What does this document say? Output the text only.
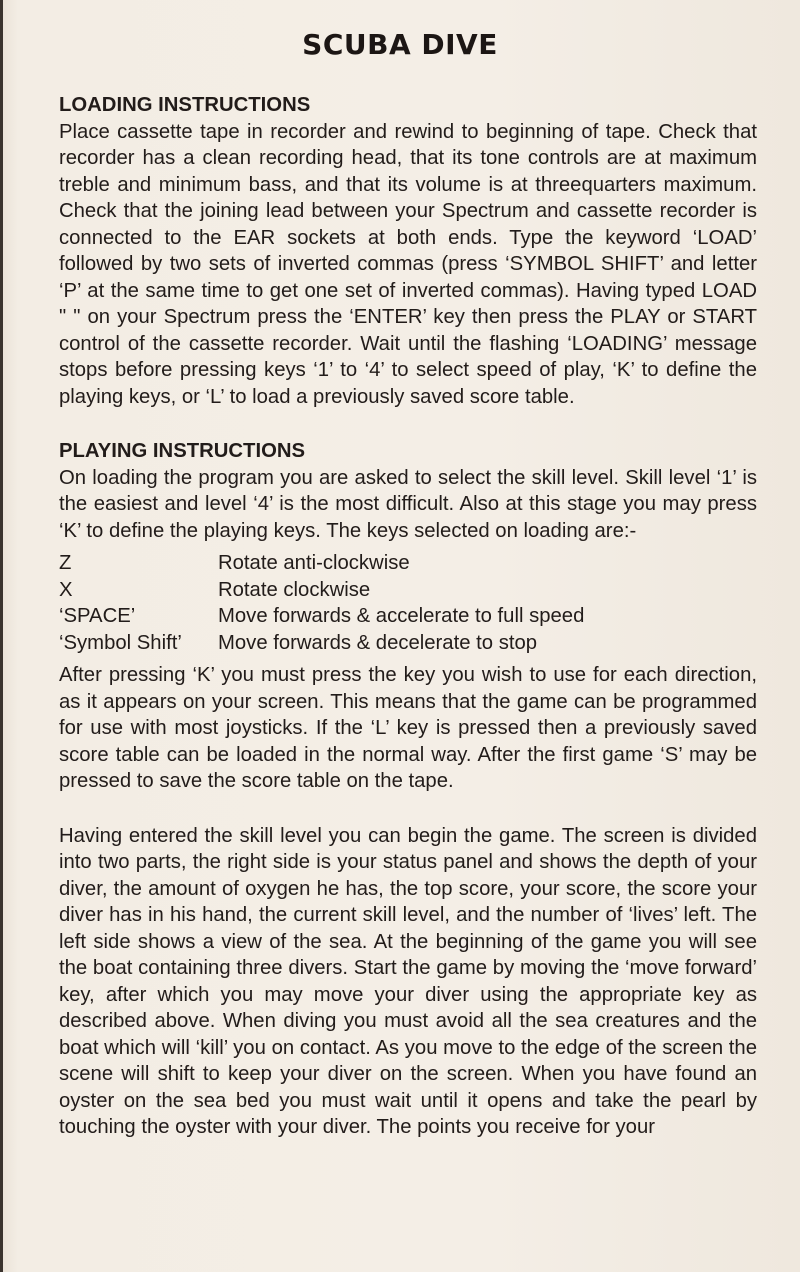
SCUBA DIVE
LOADING INSTRUCTIONS

Place cassette tape in recorder and rewind to beginning of tape. Check that recorder has a clean recording head, that its tone controls are at maximum treble and minimum bass, and that its volume is at threequarters maximum. Check that the joining lead between your Spectrum and cassette recorder is connected to the EAR sockets at both ends. Type the keyword ‘LOAD’ followed by two sets of inverted commas (press ‘SYMBOL SHIFT’ and letter ‘P’ at the same time to get one set of inverted commas). Having typed LOAD " " on your Spectrum press the ‘ENTER’ key then press the PLAY or START control of the cassette recorder. Wait until the flashing ‘LOADING’ message stops before pressing keys ‘1’ to ‘4’ to select speed of play, ‘K’ to define the playing keys, or ‘L’ to load a previously saved score table.

PLAYING INSTRUCTIONS

On loading the program you are asked to select the skill level. Skill level ‘1’ is the easiest and level ‘4’ is the most difficult. Also at this stage you may press ‘K’ to define the playing keys. The keys selected on loading are:-

Z	Rotate anti-clockwise
X	Rotate clockwise
‘SPACE’	Move forwards & accelerate to full speed
‘Symbol Shift’	Move forwards & decelerate to stop

After pressing ‘K’ you must press the key you wish to use for each direction, as it appears on your screen. This means that the game can be programmed for use with most joysticks. If the ‘L’ key is pressed then a previously saved score table can be loaded in the normal way. After the first game ‘S’ may be pressed to save the score table on the tape.

Having entered the skill level you can begin the game. The screen is divided into two parts, the right side is your status panel and shows the depth of your diver, the amount of oxygen he has, the top score, your score, the score your diver has in his hand, the current skill level, and the number of ‘lives’ left. The left side shows a view of the sea. At the beginning of the game you will see the boat containing three divers. Start the game by moving the ‘move forward’ key, after which you may move your diver using the appropriate key as described above. When diving you must avoid all the sea creatures and the boat which will ‘kill’ you on contact. As you move to the edge of the screen the scene will shift to keep your diver on the screen. When you have found an oyster on the sea bed you must wait until it opens and take the pearl by touching the oyster with your diver. The points you receive for your
